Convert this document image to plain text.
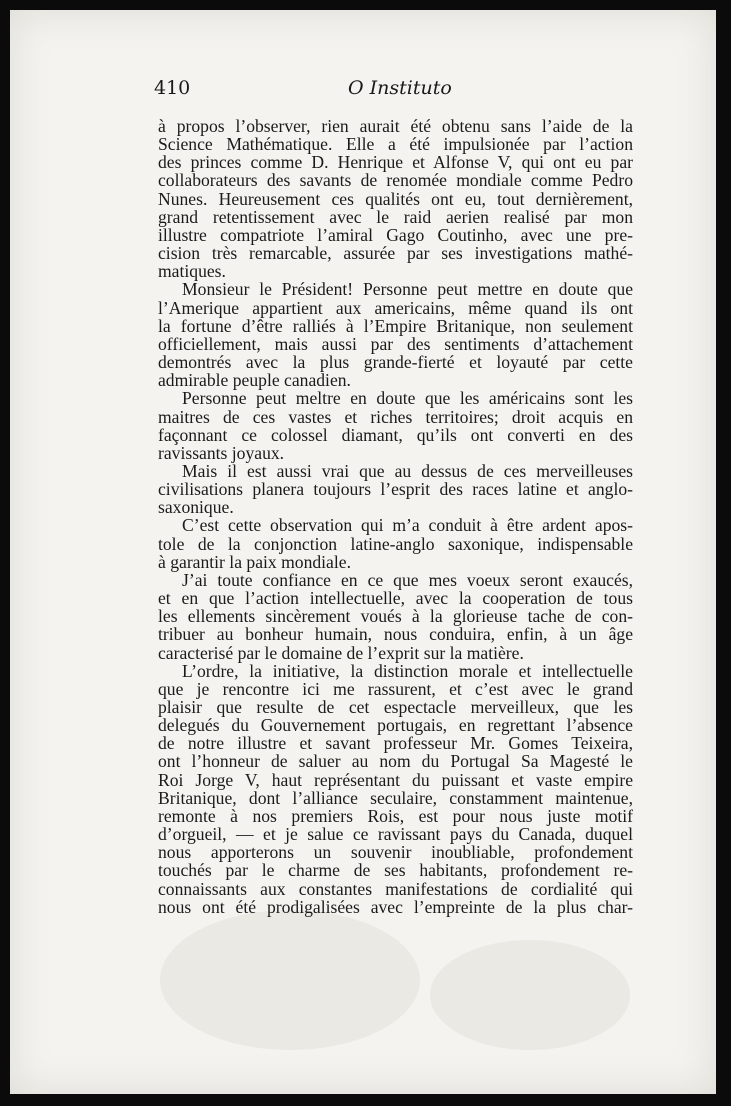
410	O Instituto
à propos l’observer, rien aurait été obtenu sans l’aide de la
Science Mathématique. Elle a été impulsionée par l’action
des princes comme D. Henrique et Alfonse V, qui ont eu par
collaborateurs des savants de renomée mondiale comme Pedro
Nunes. Heureusement ces qualités ont eu, tout dernièrement,
grand retentissement avec le raid aerien realisé par mon
illustre compatriote l’amiral Gago Coutinho, avec une pre-
cision très remarcable, assurée par ses investigations mathé-
matiques.
Monsieur le Président! Personne peut mettre en doute que
l’Amerique appartient aux americains, même quand ils ont
la fortune d’être ralliés à l’Empire Britanique, non seulement
officiellement, mais aussi par des sentiments d’attachement
demontrés avec la plus grande-fierté et loyauté par cette
admirable peuple canadien.
Personne peut meltre en doute que les américains sont les
maitres de ces vastes et riches territoires; droit acquis en
façonnant ce colossel diamant, qu’ils ont converti en des
ravissants joyaux.
Mais il est aussi vrai que au dessus de ces merveilleuses
civilisations planera toujours l’esprit des races latine et anglo-
saxonique.
C’est cette observation qui m’a conduit à être ardent apos-
tole de la conjonction latine-anglo saxonique, indispensable
à garantir la paix mondiale.
J’ai toute confiance en ce que mes voeux seront exaucés,
et en que l’action intellectuelle, avec la cooperation de tous
les ellements sincèrement voués à la glorieuse tache de con-
tribuer au bonheur humain, nous conduira, enfin, à un âge
caracterisé par le domaine de l’exprit sur la matière.
L’ordre, la initiative, la distinction morale et intellectuelle
que je rencontre ici me rassurent, et c’est avec le grand
plaisir que resulte de cet espectacle merveilleux, que les
delegués du Gouvernement portugais, en regrettant l’absence
de notre illustre et savant professeur Mr. Gomes Teixeira,
ont l’honneur de saluer au nom du Portugal Sa Magesté le
Roi Jorge V, haut représentant du puissant et vaste empire
Britanique, dont l’alliance seculaire, constamment maintenue,
remonte à nos premiers Rois, est pour nous juste motif
d’orgueil, — et je salue ce ravissant pays du Canada, duquel
nous apporterons un souvenir inoubliable, profondement
touchés par le charme de ses habitants, profondement re-
connaissants aux constantes manifestations de cordialité qui
nous ont été prodigalisées avec l’empreinte de la plus char-
